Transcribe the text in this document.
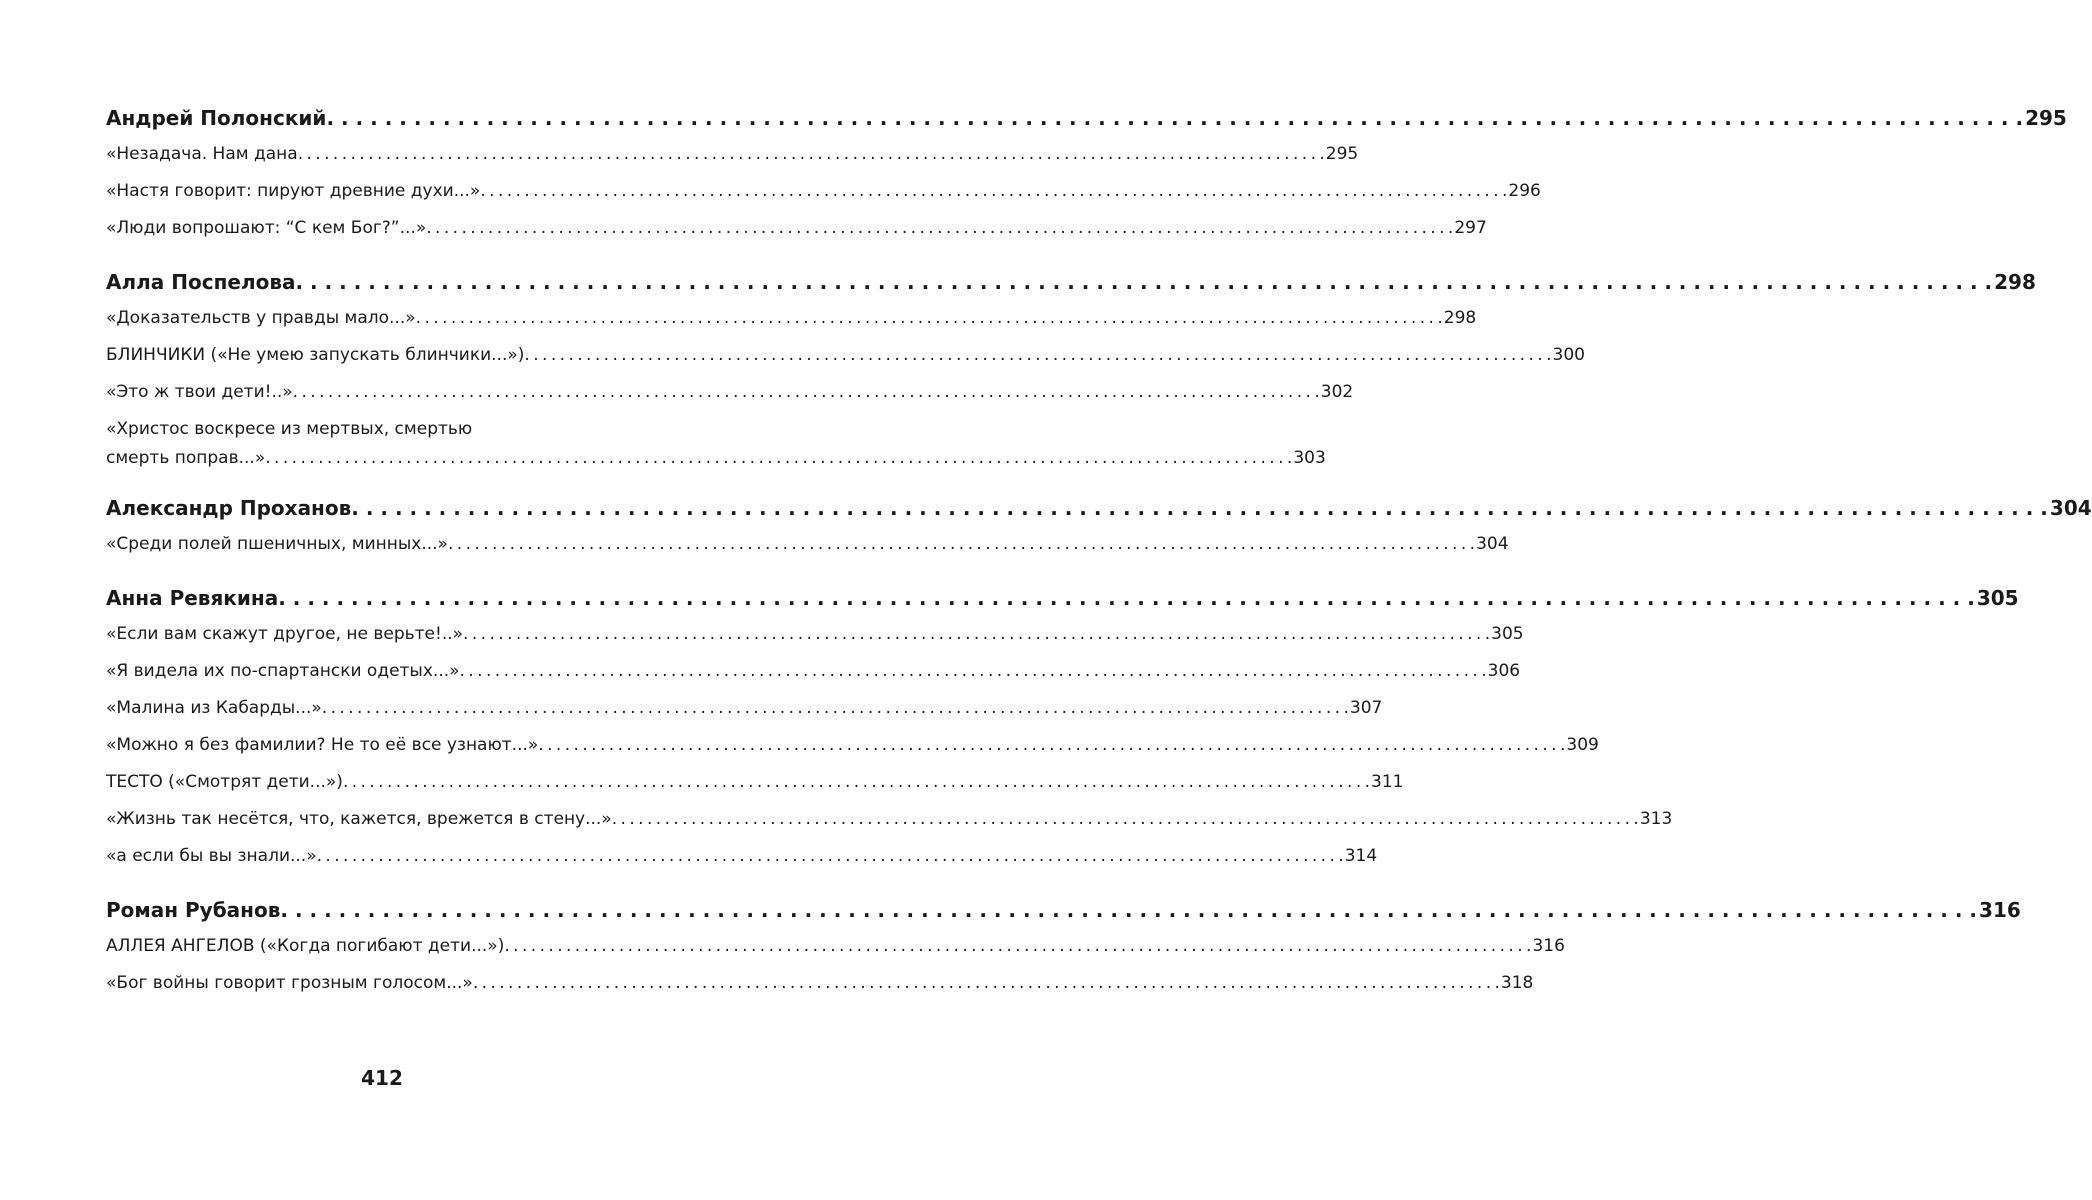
Андрей Полонский . . .	295
«Незадача. Нам дана . . .	295
«Настя говорит: пируют древние духи...» . . .	296
«Люди вопрошают: “С кем Бог?”...» . . .	297
Алла Поспелова . . .	298
«Доказательств у правды мало...» . . .	298
БЛИНЧИКИ («Не умею запускать блинчики...») . . .	300
«Это ж твои дети!..» . . .	302
«Христос воскресе из мертвых, смертью
смерть поправ...» . . .	303
Александр Проханов . . .	304
«Среди полей пшеничных, минных...» . . .	304
Анна Ревякина . . .	305
«Если вам скажут другое, не верьте!..» . . .	305
«Я видела их по-спартански одетых...» . . .	306
«Малина из Кабарды...» . . .	307
«Можно я без фамилии? Не то её все узнают...» . . .	309
ТЕСТО («Смотрят дети...») . . .	311
«Жизнь так несётся, что, кажется, врежется в стену...» . . .	313
«а если бы вы знали...» . . .	314
Роман Рубанов . . .	316
АЛЛЕЯ АНГЕЛОВ («Когда погибают дети...») . . .	316
«Бог войны говорит грозным голосом...» . . .	318
412
